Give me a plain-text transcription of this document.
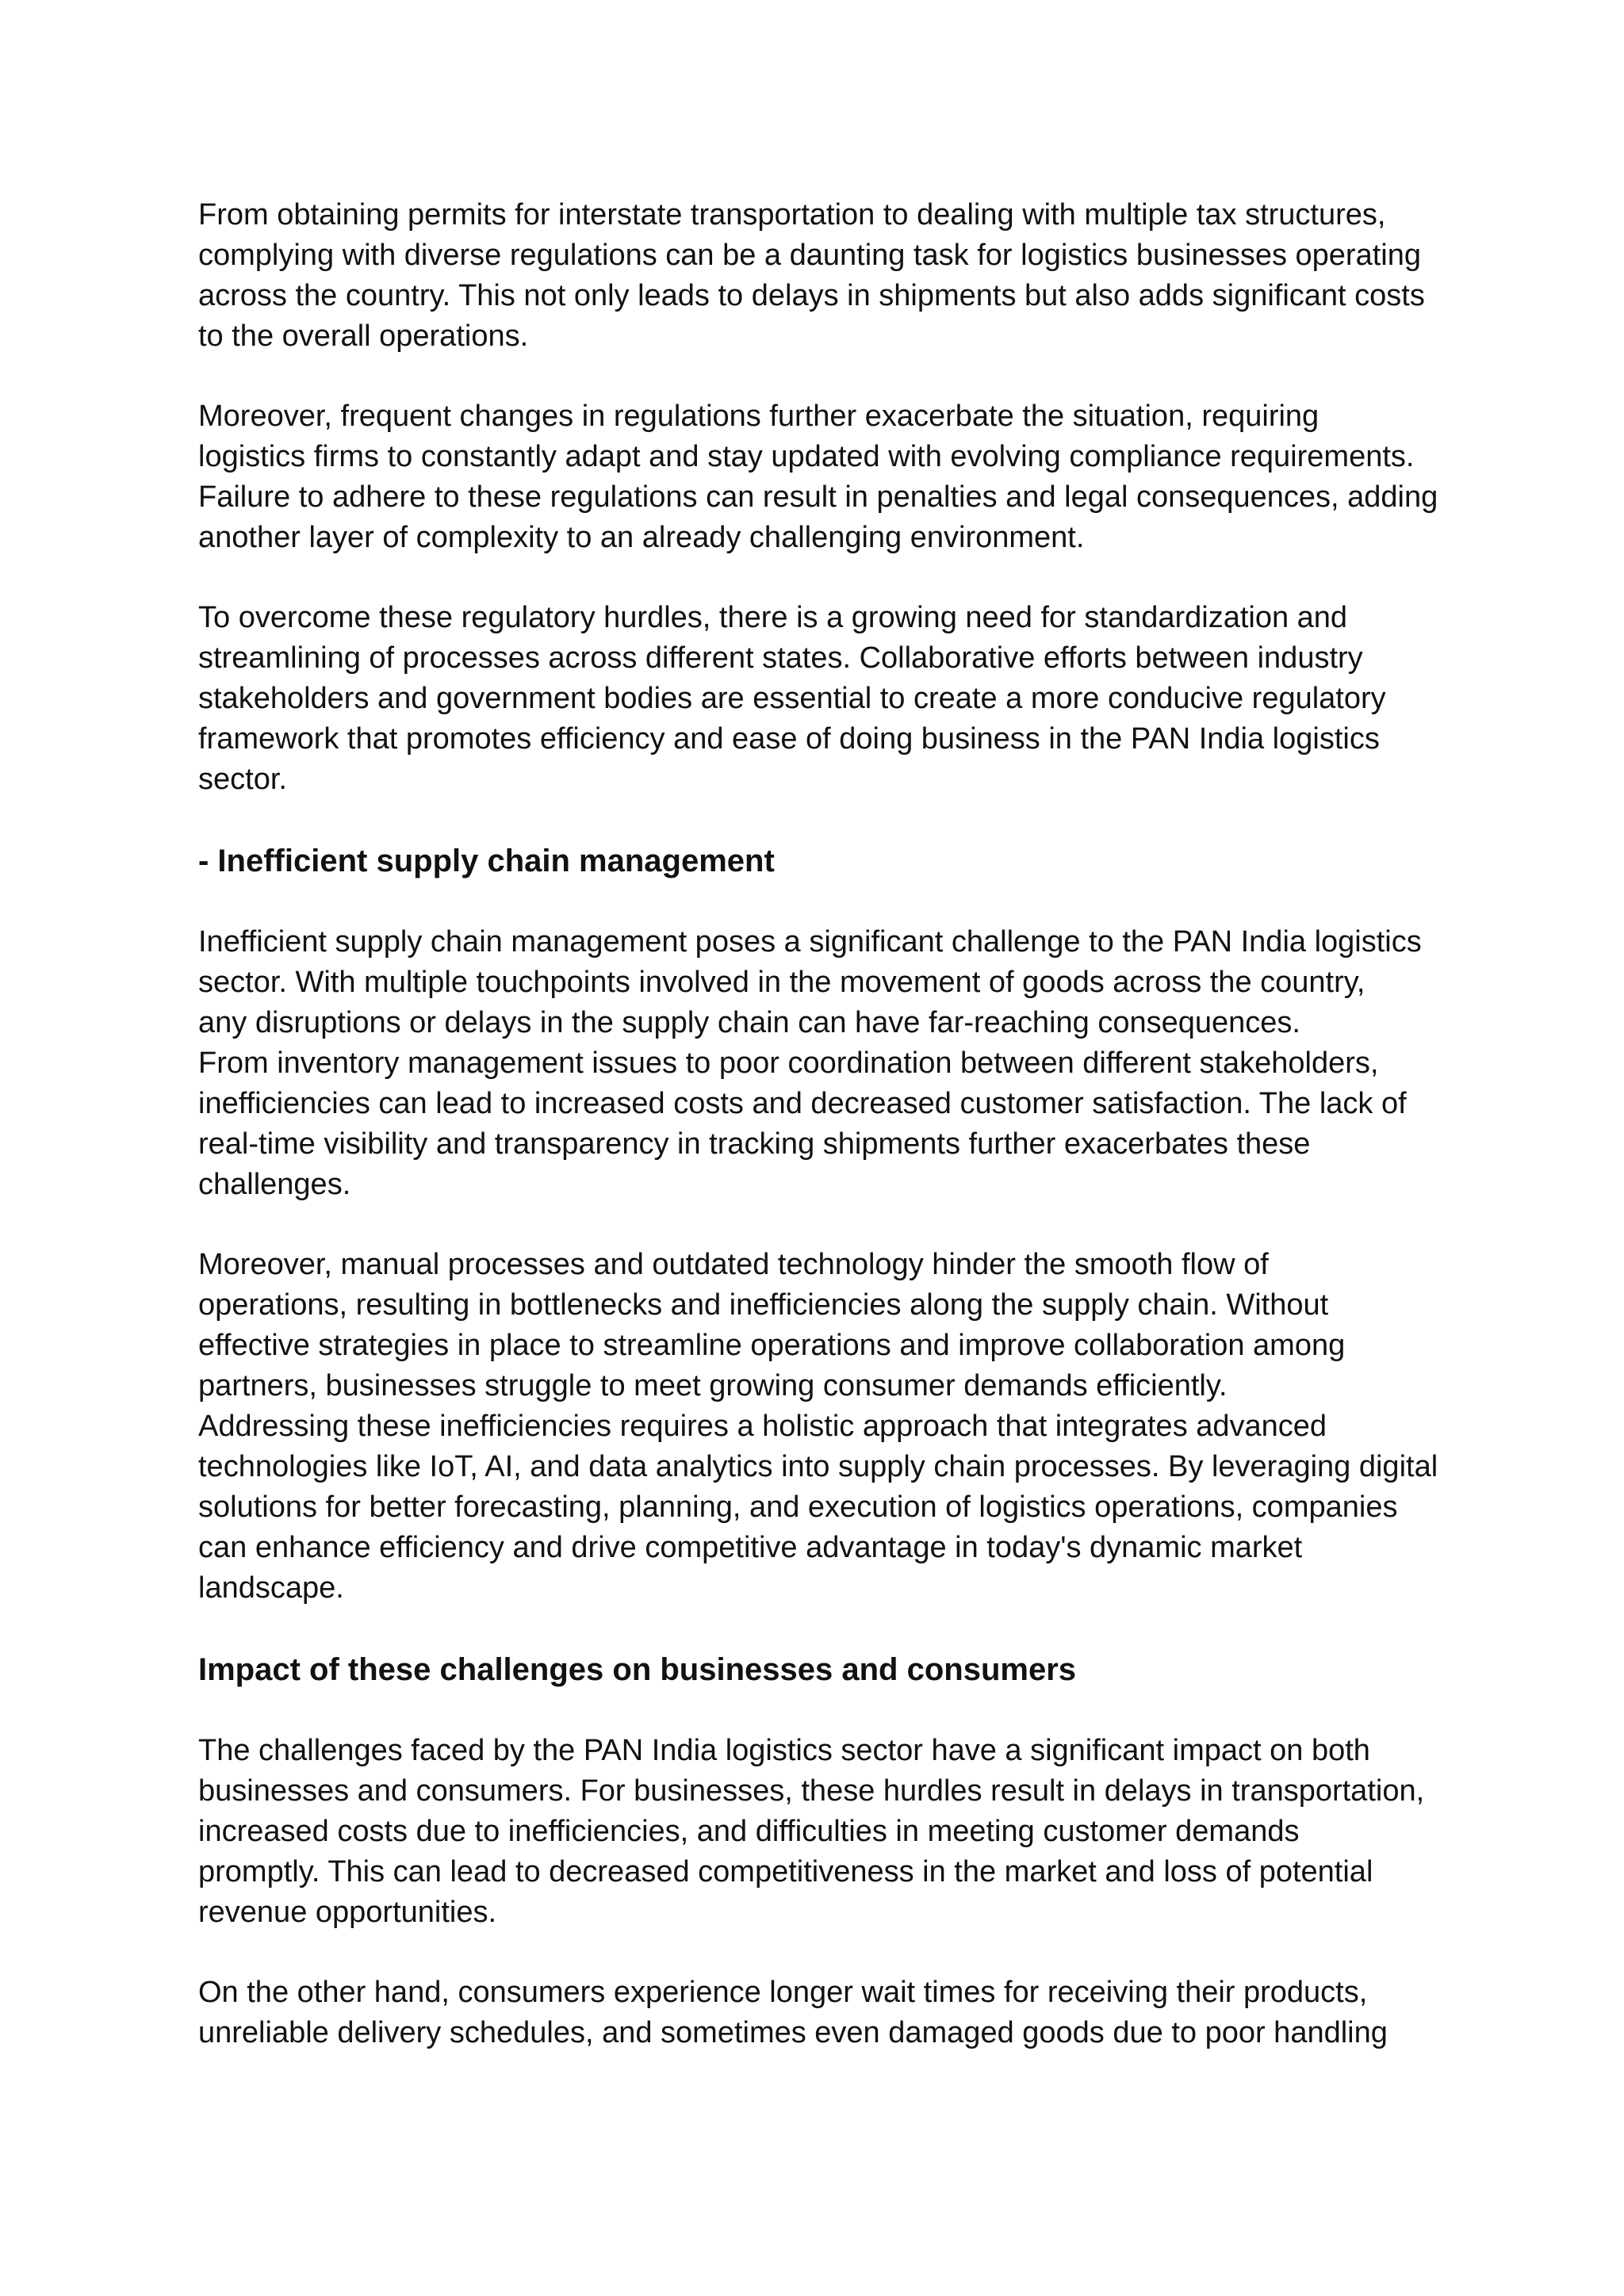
From obtaining permits for interstate transportation to dealing with multiple tax structures,
complying with diverse regulations can be a daunting task for logistics businesses operating
across the country. This not only leads to delays in shipments but also adds significant costs
to the overall operations.

Moreover, frequent changes in regulations further exacerbate the situation, requiring
logistics firms to constantly adapt and stay updated with evolving compliance requirements.
Failure to adhere to these regulations can result in penalties and legal consequences, adding
another layer of complexity to an already challenging environment.

To overcome these regulatory hurdles, there is a growing need for standardization and
streamlining of processes across different states. Collaborative efforts between industry
stakeholders and government bodies are essential to create a more conducive regulatory
framework that promotes efficiency and ease of doing business in the PAN India logistics
sector.

- Inefficient supply chain management

Inefficient supply chain management poses a significant challenge to the PAN India logistics
sector. With multiple touchpoints involved in the movement of goods across the country,
any disruptions or delays in the supply chain can have far-reaching consequences.
From inventory management issues to poor coordination between different stakeholders,
inefficiencies can lead to increased costs and decreased customer satisfaction. The lack of
real-time visibility and transparency in tracking shipments further exacerbates these
challenges.

Moreover, manual processes and outdated technology hinder the smooth flow of
operations, resulting in bottlenecks and inefficiencies along the supply chain. Without
effective strategies in place to streamline operations and improve collaboration among
partners, businesses struggle to meet growing consumer demands efficiently.
Addressing these inefficiencies requires a holistic approach that integrates advanced
technologies like IoT, AI, and data analytics into supply chain processes. By leveraging digital
solutions for better forecasting, planning, and execution of logistics operations, companies
can enhance efficiency and drive competitive advantage in today's dynamic market
landscape.

Impact of these challenges on businesses and consumers

The challenges faced by the PAN India logistics sector have a significant impact on both
businesses and consumers. For businesses, these hurdles result in delays in transportation,
increased costs due to inefficiencies, and difficulties in meeting customer demands
promptly. This can lead to decreased competitiveness in the market and loss of potential
revenue opportunities.

On the other hand, consumers experience longer wait times for receiving their products,
unreliable delivery schedules, and sometimes even damaged goods due to poor handling
